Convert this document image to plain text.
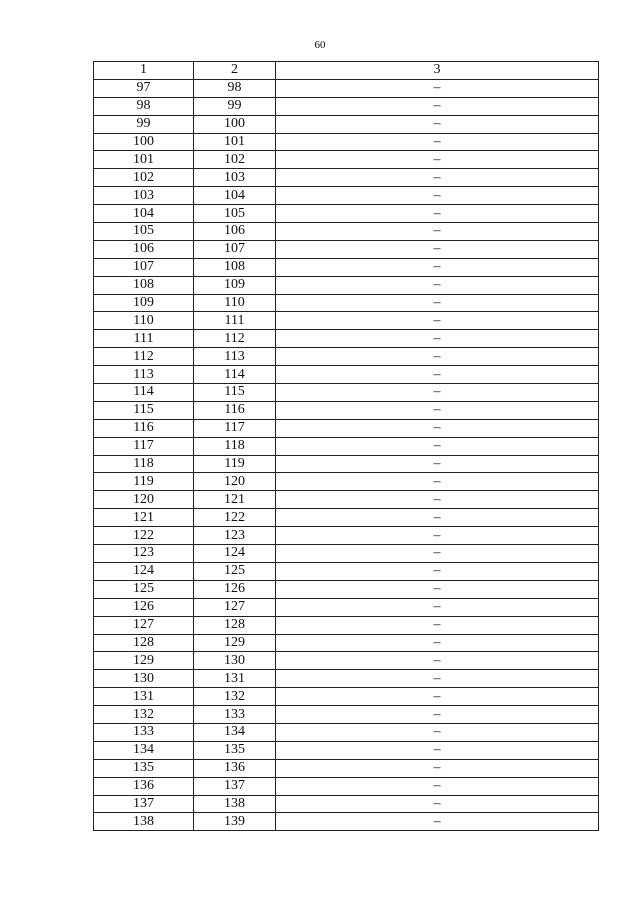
60
1	2	3
97	98	–
98	99	–
99	100	–
100	101	–
101	102	–
102	103	–
103	104	–
104	105	–
105	106	–
106	107	–
107	108	–
108	109	–
109	110	–
110	111	–
111	112	–
112	113	–
113	114	–
114	115	–
115	116	–
116	117	–
117	118	–
118	119	–
119	120	–
120	121	–
121	122	–
122	123	–
123	124	–
124	125	–
125	126	–
126	127	–
127	128	–
128	129	–
129	130	–
130	131	–
131	132	–
132	133	–
133	134	–
134	135	–
135	136	–
136	137	–
137	138	–
138	139	–
